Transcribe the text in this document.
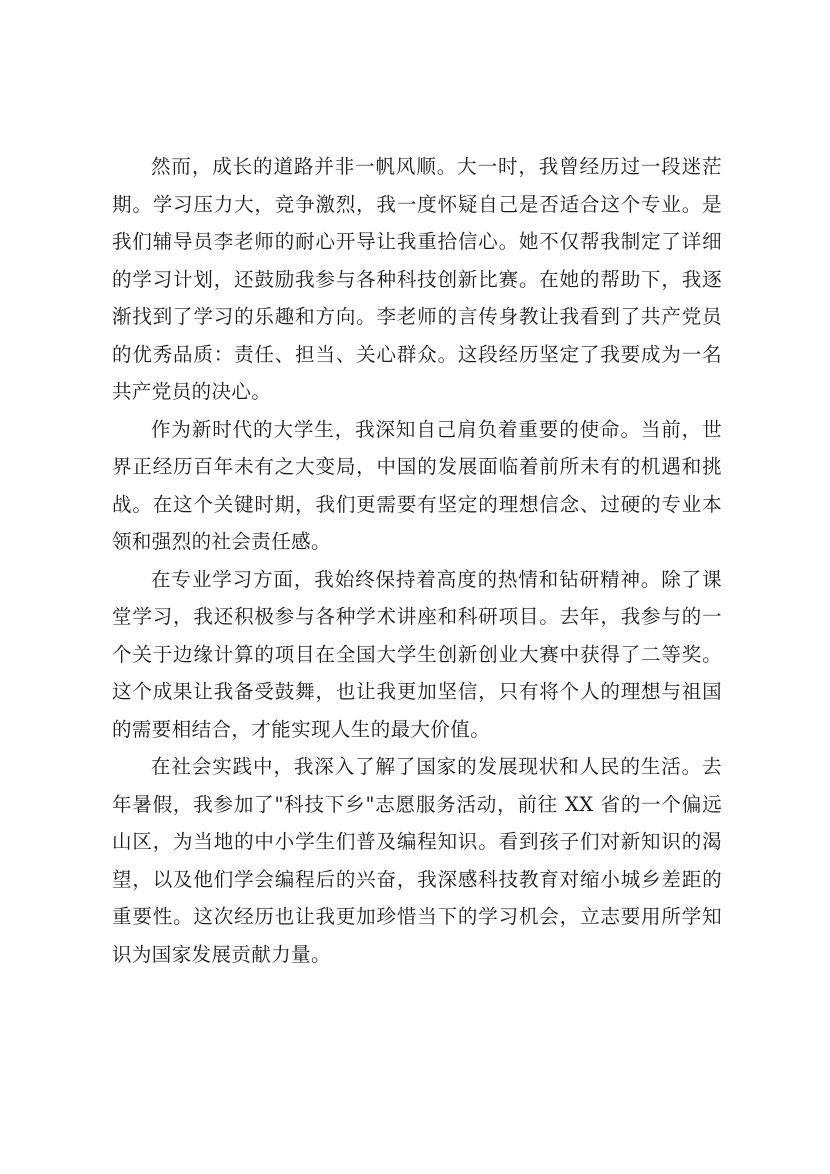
然而，成长的道路并非一帆风顺。大一时，我曾经历过一段迷茫期。学习压力大，竞争激烈，我一度怀疑自己是否适合这个专业。是我们辅导员李老师的耐心开导让我重拾信心。她不仅帮我制定了详细的学习计划，还鼓励我参与各种科技创新比赛。在她的帮助下，我逐渐找到了学习的乐趣和方向。李老师的言传身教让我看到了共产党员的优秀品质：责任、担当、关心群众。这段经历坚定了我要成为一名共产党员的决心。

作为新时代的大学生，我深知自己肩负着重要的使命。当前，世界正经历百年未有之大变局，中国的发展面临着前所未有的机遇和挑战。在这个关键时期，我们更需要有坚定的理想信念、过硬的专业本领和强烈的社会责任感。

在专业学习方面，我始终保持着高度的热情和钻研精神。除了课堂学习，我还积极参与各种学术讲座和科研项目。去年，我参与的一个关于边缘计算的项目在全国大学生创新创业大赛中获得了二等奖。这个成果让我备受鼓舞，也让我更加坚信，只有将个人的理想与祖国的需要相结合，才能实现人生的最大价值。

在社会实践中，我深入了解了国家的发展现状和人民的生活。去年暑假，我参加了"科技下乡"志愿服务活动，前往 XX 省的一个偏远山区，为当地的中小学生们普及编程知识。看到孩子们对新知识的渴望，以及他们学会编程后的兴奋，我深感科技教育对缩小城乡差距的重要性。这次经历也让我更加珍惜当下的学习机会，立志要用所学知识为国家发展贡献力量。
